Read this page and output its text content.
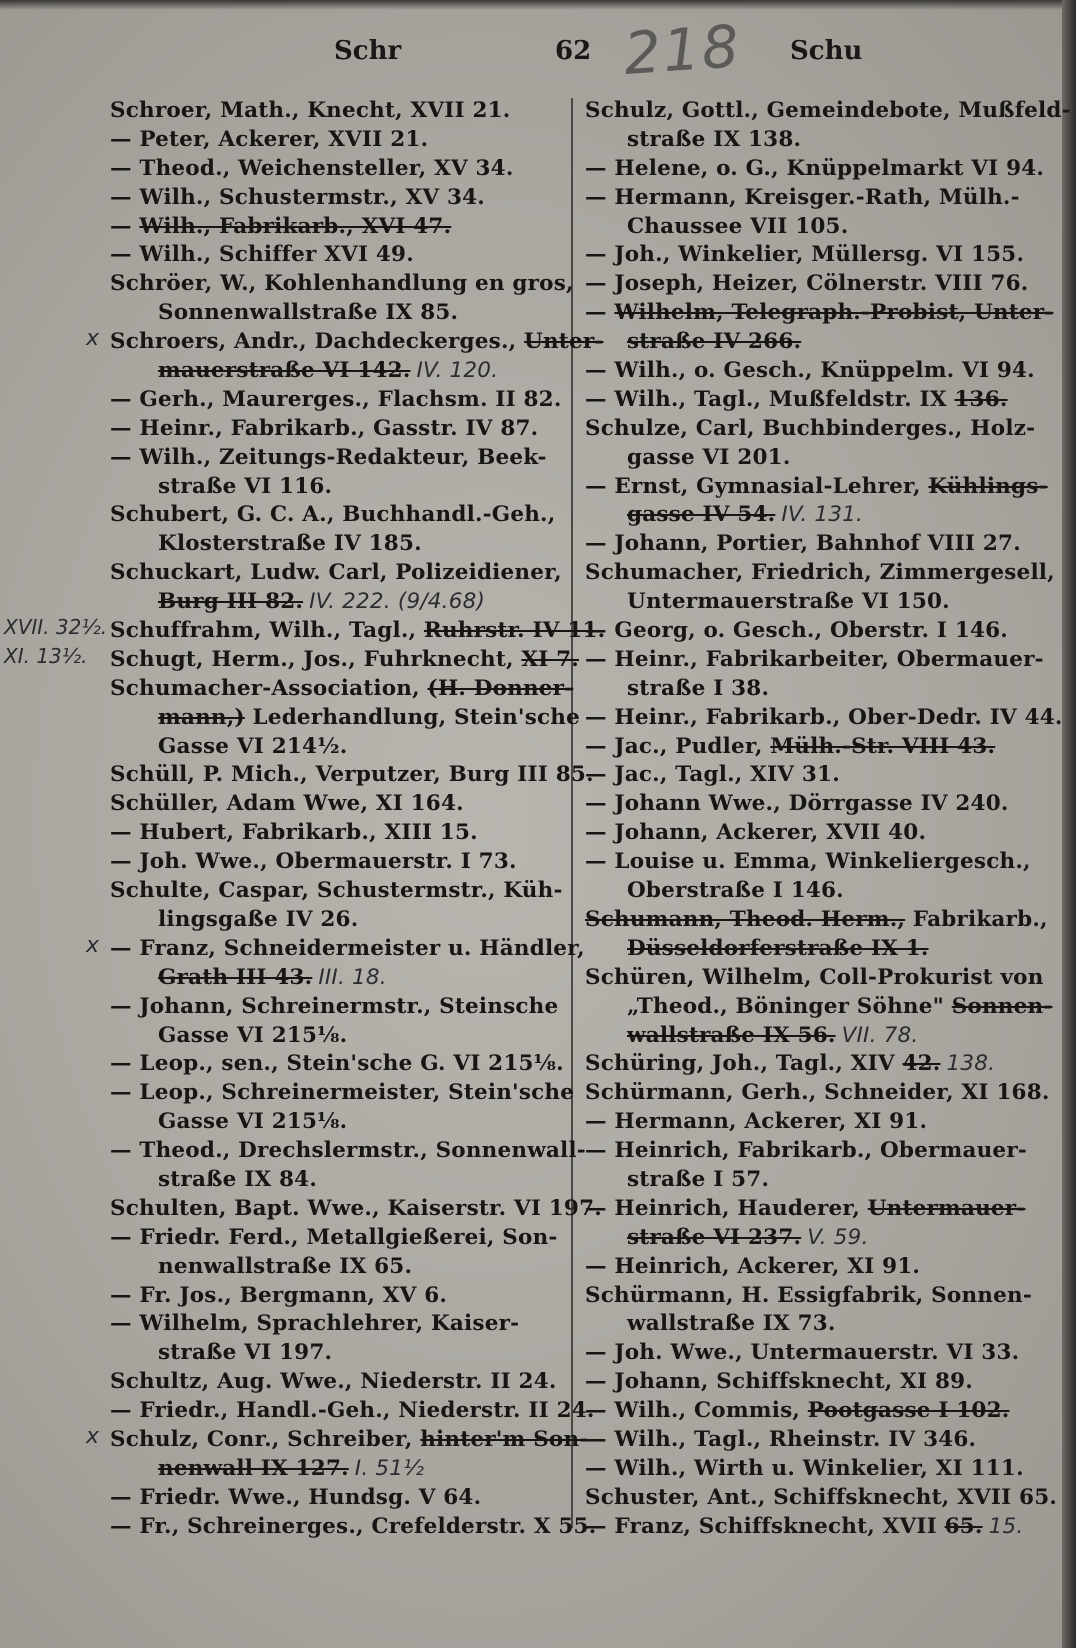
Schr	62 218 Schu
Schroer, Math., Knecht, XVII 21.
— Peter, Ackerer, XVII 21.
— Theod., Weichensteller, XV 34.
— Wilh., Schustermstr., XV 34.
— Wilh., Fabrikarb., XVI 47.
— Wilh., Schiffer XVI 49.
Schröer, W., Kohlenhandlung en gros,
Sonnenwallstraße IX 85.
Schroers, Andr., Dachdeckerges., Unter-
mauerstraße VI 142. IV. 120.
— Gerh., Maurerges., Flachsm. II 82.
— Heinr., Fabrikarb., Gasstr. IV 87.
— Wilh., Zeitungs-Redakteur, Beek-
straße VI 116.
Schubert, G. C. A., Buchhandl.-Geh.,
Klosterstraße IV 185.
Schuckart, Ludw. Carl, Polizeidiener,
Burg III 82. IV. 222. (9/4.68)
Schuffrahm, Wilh., Tagl., Ruhrstr. IV 11.
Schugt, Herm., Jos., Fuhrknecht, XI 7.
Schumacher-Association, (H. Donner-
mann,) Lederhandlung, Stein'sche
Gasse VI 214½.
Schüll, P. Mich., Verputzer, Burg III 85.
Schüller, Adam Wwe, XI 164.
— Hubert, Fabrikarb., XIII 15.
— Joh. Wwe., Obermauerstr. I 73.
Schulte, Caspar, Schustermstr., Küh-
lingsgaße IV 26.
— Franz, Schneidermeister u. Händler,
Grath III 43. III. 18.
— Johann, Schreinermstr., Steinsche
Gasse VI 215⅛.
— Leop., sen., Stein'sche G. VI 215⅛.
— Leop., Schreinermeister, Stein'sche
Gasse VI 215⅛.
— Theod., Drechslermstr., Sonnenwall-
straße IX 84.
Schulten, Bapt. Wwe., Kaiserstr. VI 197.
— Friedr. Ferd., Metallgießerei, Son-
nenwallstraße IX 65.
— Fr. Jos., Bergmann, XV 6.
— Wilhelm, Sprachlehrer, Kaiser-
straße VI 197.
Schultz, Aug. Wwe., Niederstr. II 24.
— Friedr., Handl.-Geh., Niederstr. II 24.
Schulz, Conr., Schreiber, hinter'm Son-
nenwall IX 127. I. 51½
— Friedr. Wwe., Hundsg. V 64.
— Fr., Schreinerges., Crefelderstr. X 55.
Schulz, Gottl., Gemeindebote, Mußfeld-
straße IX 138.
— Helene, o. G., Knüppelmarkt VI 94.
— Hermann, Kreisger.-Rath, Mülh.-
Chaussee VII 105.
— Joh., Winkelier, Müllersg. VI 155.
— Joseph, Heizer, Cölnerstr. VIII 76.
— Wilhelm, Telegraph.-Probist, Unter-
straße IV 266.
— Wilh., o. Gesch., Knüppelm. VI 94.
— Wilh., Tagl., Mußfeldstr. IX 136.
Schulze, Carl, Buchbinderges., Holz-
gasse VI 201.
— Ernst, Gymnasial-Lehrer, Kühlings-
gasse IV 54. IV. 131.
— Johann, Portier, Bahnhof VIII 27.
Schumacher, Friedrich, Zimmergesell,
Untermauerstraße VI 150.
— Georg, o. Gesch., Oberstr. I 146.
— Heinr., Fabrikarbeiter, Obermauer-
straße I 38.
— Heinr., Fabrikarb., Ober-Dedr. IV 44.
— Jac., Pudler, Mülh.-Str. VIII 43.
— Jac., Tagl., XIV 31.
— Johann Wwe., Dörrgasse IV 240.
— Johann, Ackerer, XVII 40.
— Louise u. Emma, Winkeliergesch.,
Oberstraße I 146.
Schumann, Theod. Herm., Fabrikarb.,
Düsseldorferstraße IX 1.
Schüren, Wilhelm, Coll-Prokurist von
„Theod., Böninger Söhne" Sonnen-
wallstraße IX 56. VII. 78.
Schüring, Joh., Tagl., XIV 42. 138.
Schürmann, Gerh., Schneider, XI 168.
— Hermann, Ackerer, XI 91.
— Heinrich, Fabrikarb., Obermauer-
straße I 57.
— Heinrich, Hauderer, Untermauer-
straße VI 237. V. 59.
— Heinrich, Ackerer, XI 91.
Schürmann, H. Essigfabrik, Sonnen-
wallstraße IX 73.
— Joh. Wwe., Untermauerstr. VI 33.
— Johann, Schiffsknecht, XI 89.
— Wilh., Commis, Pootgasse I 102.
— Wilh., Tagl., Rheinstr. IV 346.
— Wilh., Wirth u. Winkelier, XI 111.
Schuster, Ant., Schiffsknecht, XVII 65.
— Franz, Schiffsknecht, XVII 65. 15.
x
XVII. 32½.
XI. 13½.
x
x
